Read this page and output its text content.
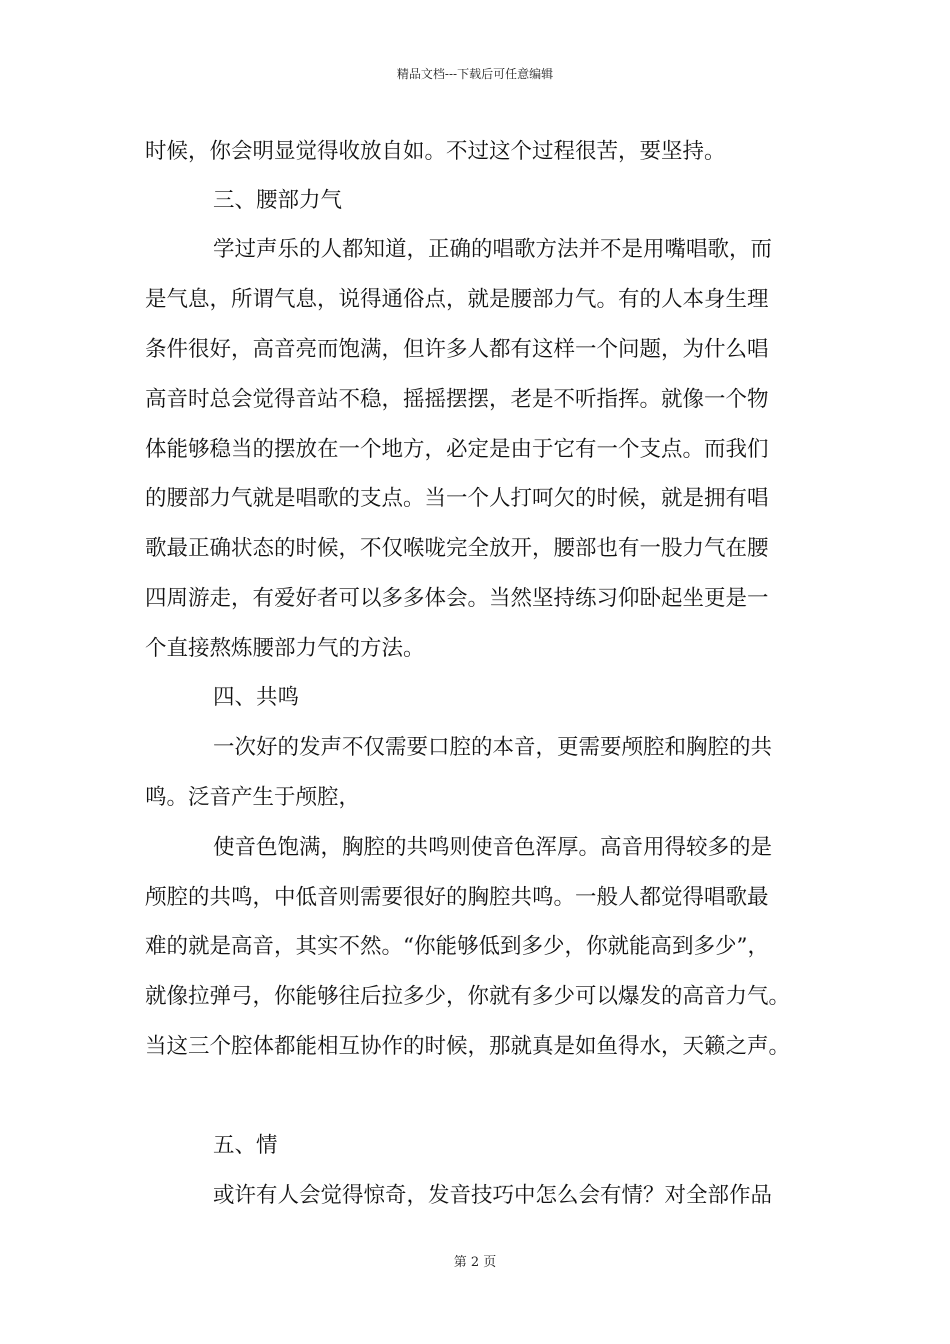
精品文档---下载后可任意编辑
时候，你会明显觉得收放自如。不过这个过程很苦，要坚持。
三、腰部力气
学过声乐的人都知道，正确的唱歌方法并不是用嘴唱歌，而
是气息，所谓气息，说得通俗点，就是腰部力气。有的人本身生理
条件很好，高音亮而饱满，但许多人都有这样一个问题，为什么唱
高音时总会觉得音站不稳，摇摇摆摆，老是不听指挥。就像一个物
体能够稳当的摆放在一个地方，必定是由于它有一个支点。而我们
的腰部力气就是唱歌的支点。当一个人打呵欠的时候，就是拥有唱
歌最正确状态的时候，不仅喉咙完全放开，腰部也有一股力气在腰
四周游走，有爱好者可以多多体会。当然坚持练习仰卧起坐更是一
个直接熬炼腰部力气的方法。
四、共鸣
一次好的发声不仅需要口腔的本音，更需要颅腔和胸腔的共
鸣。泛音产生于颅腔，
使音色饱满，胸腔的共鸣则使音色浑厚。高音用得较多的是
颅腔的共鸣，中低音则需要很好的胸腔共鸣。一般人都觉得唱歌最
难的就是高音，其实不然。“你能够低到多少，你就能高到多少”，
就像拉弹弓，你能够往后拉多少，你就有多少可以爆发的高音力气。
当这三个腔体都能相互协作的时候，那就真是如鱼得水，天籁之声。
五、情
或许有人会觉得惊奇，发音技巧中怎么会有情？对全部作品
第 2 页
